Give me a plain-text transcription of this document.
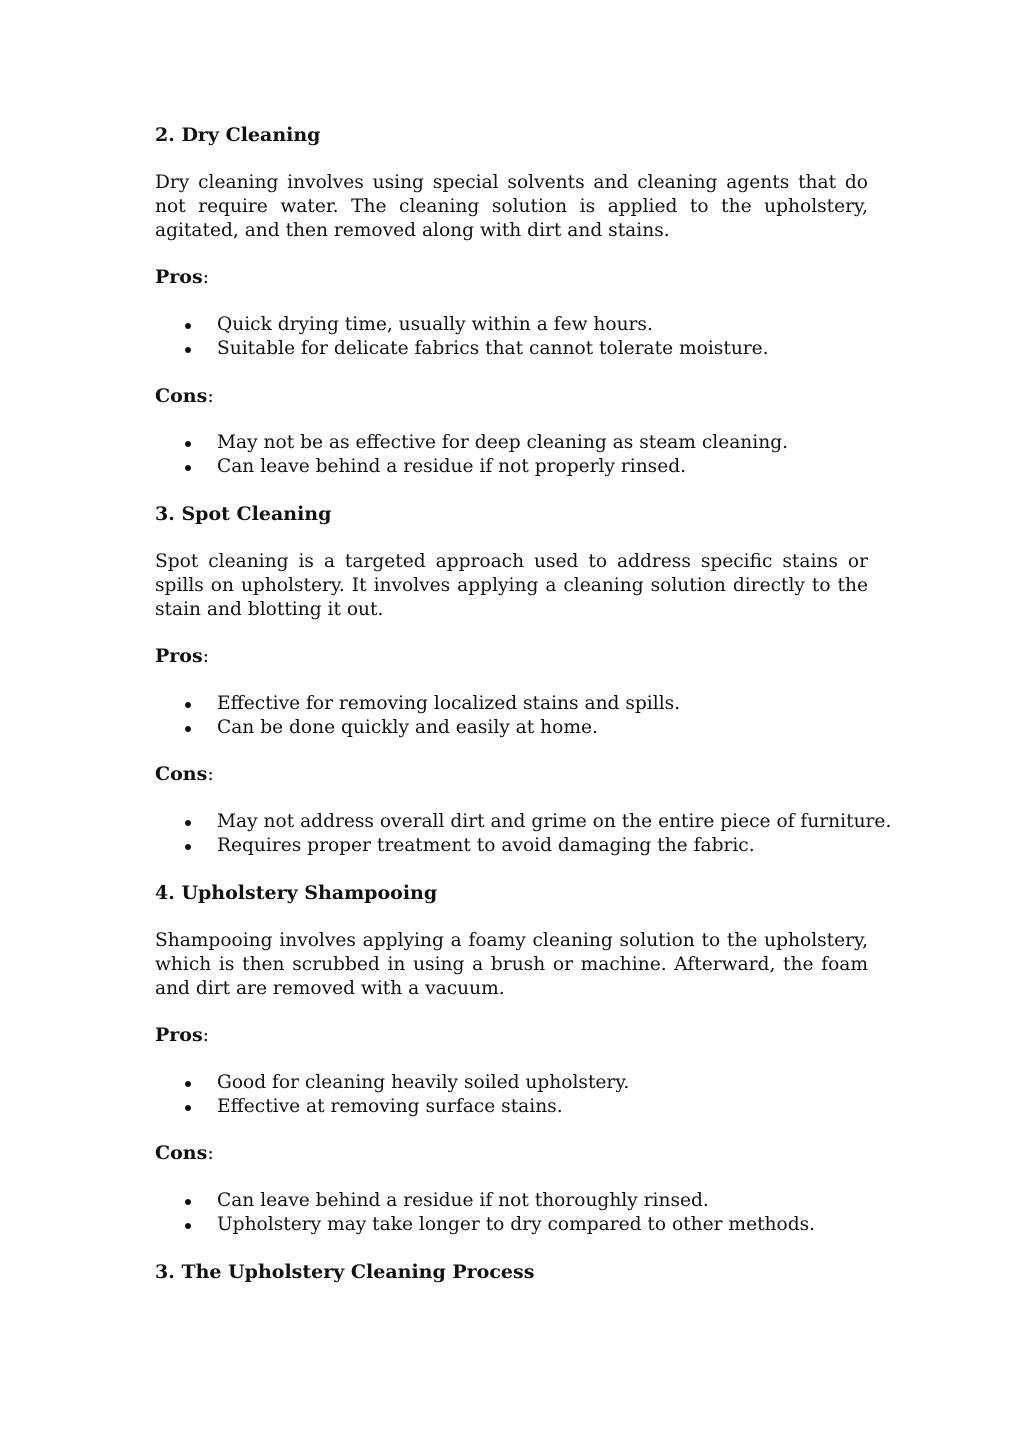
2. Dry Cleaning

Dry cleaning involves using special solvents and cleaning agents that do not require water. The cleaning solution is applied to the upholstery, agitated, and then removed along with dirt and stains.

Pros:

Quick drying time, usually within a few hours.
Suitable for delicate fabrics that cannot tolerate moisture.

Cons:

May not be as effective for deep cleaning as steam cleaning.
Can leave behind a residue if not properly rinsed.
3. Spot Cleaning

Spot cleaning is a targeted approach used to address specific stains or spills on upholstery. It involves applying a cleaning solution directly to the stain and blotting it out.

Pros:

Effective for removing localized stains and spills.
Can be done quickly and easily at home.

Cons:

May not address overall dirt and grime on the entire piece of furniture.
Requires proper treatment to avoid damaging the fabric.
4. Upholstery Shampooing

Shampooing involves applying a foamy cleaning solution to the upholstery, which is then scrubbed in using a brush or machine. Afterward, the foam and dirt are removed with a vacuum.

Pros:

Good for cleaning heavily soiled upholstery.
Effective at removing surface stains.

Cons:

Can leave behind a residue if not thoroughly rinsed.
Upholstery may take longer to dry compared to other methods.
3. The Upholstery Cleaning Process
